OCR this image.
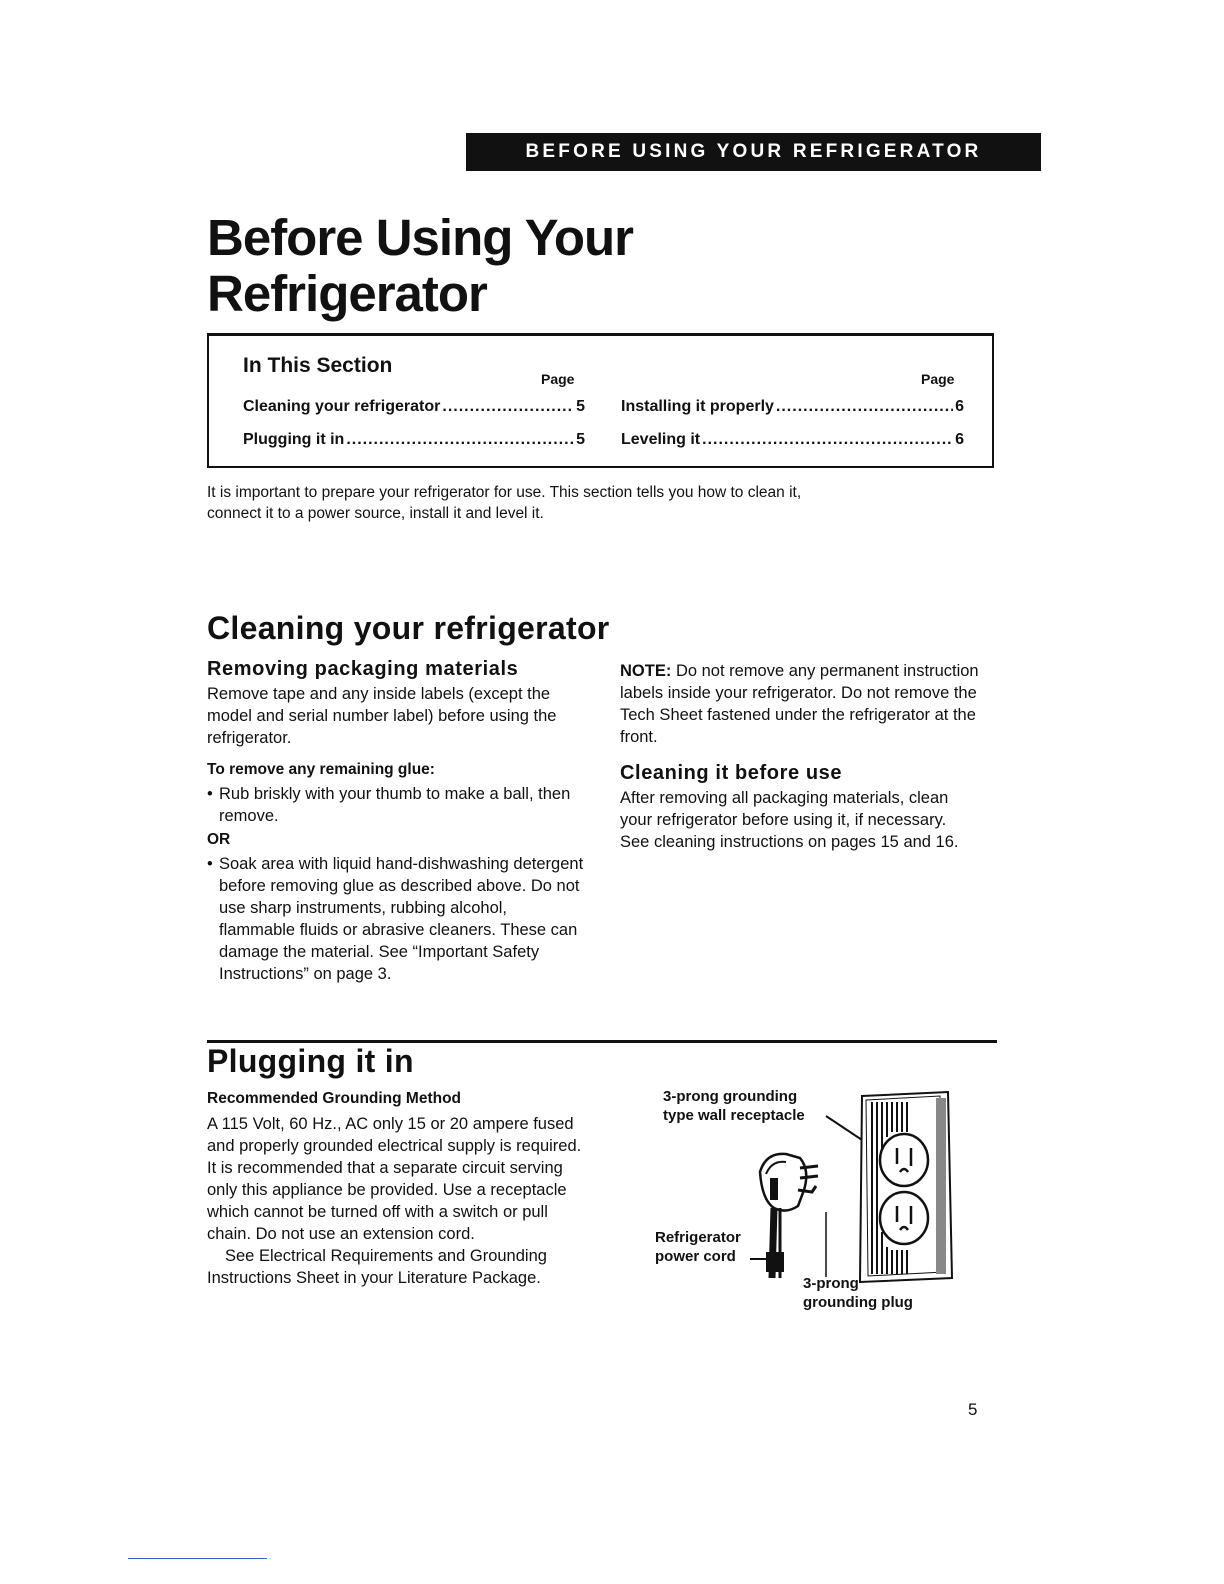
BEFORE USING YOUR REFRIGERATOR
Before Using Your
Refrigerator
In This Section
Page	Page
Cleaning your refrigerator .....	5
Plugging it in .....	5
Installing it properly .....	6
Leveling it .....	6
It is important to prepare your refrigerator for use. This section tells you how to clean it,
connect it to a power source, install it and level it.
Cleaning your refrigerator
Removing packaging materials
Remove tape and any inside labels (except the model and serial number label) before using the refrigerator.
To remove any remaining glue:
• Rub briskly with your thumb to make a ball, then remove.
OR
• Soak area with liquid hand-dishwashing detergent before removing glue as described above. Do not use sharp instruments, rubbing alcohol, flammable fluids or abrasive cleaners. These can damage the material. See “Important Safety Instructions” on page 3.
NOTE: Do not remove any permanent instruction labels inside your refrigerator. Do not remove the Tech Sheet fastened under the refrigerator at the front.
Cleaning it before use
After removing all packaging materials, clean your refrigerator before using it, if necessary. See cleaning instructions on pages 15 and 16.
Plugging it in
Recommended Grounding Method
A 115 Volt, 60 Hz., AC only 15 or 20 ampere fused and properly grounded electrical supply is required. It is recommended that a separate circuit serving only this appliance be provided. Use a receptacle which cannot be turned off with a switch or pull chain. Do not use an extension cord.
See Electrical Requirements and Grounding Instructions Sheet in your Literature Package.
3-prong grounding
type wall receptacle
Refrigerator
power cord
3-prong
grounding plug
5
